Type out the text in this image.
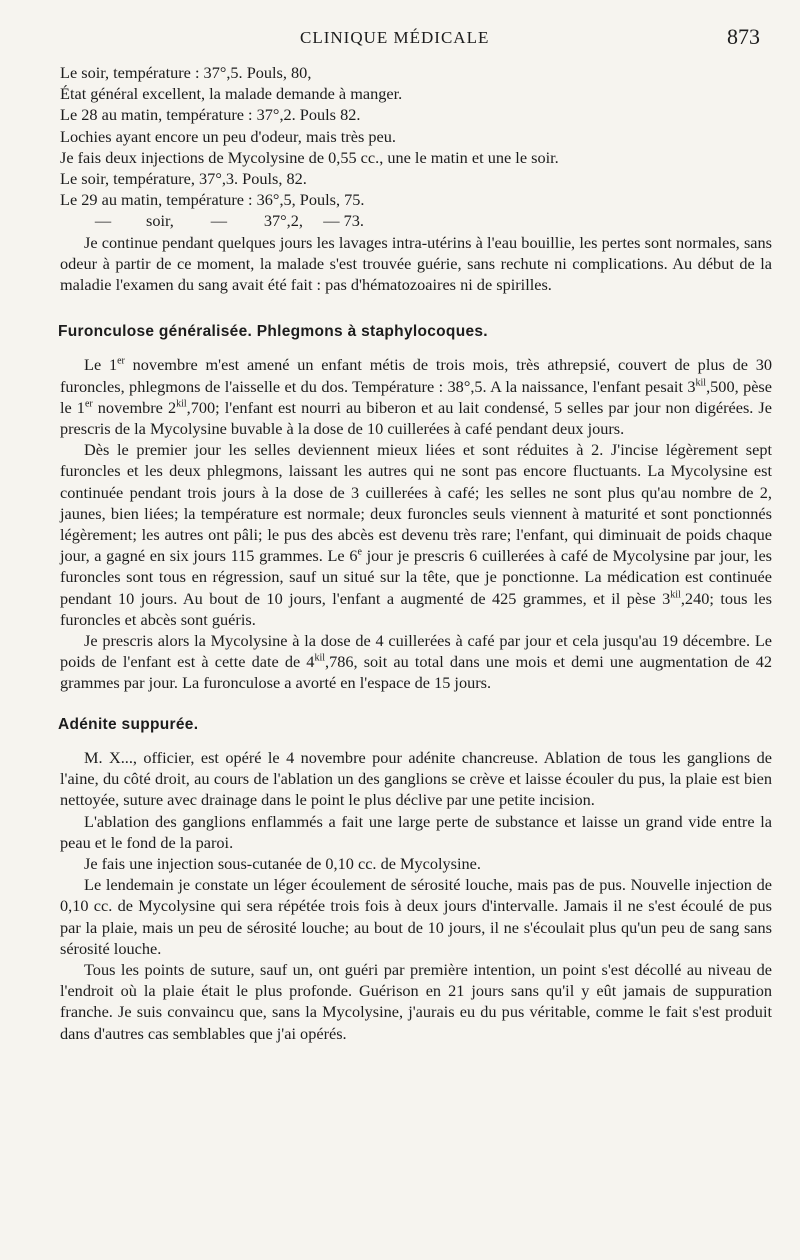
CLINIQUE MÉDICALE	873

Le soir, température : 37°,5. Pouls, 80,

État général excellent, la malade demande à manger.

Le 28 au matin, température : 37°,2. Pouls 82.

Lochies ayant encore un peu d'odeur, mais très peu.

Je fais deux injections de Mycolysine de 0,55 cc., une le matin et une le soir.

Le soir, température, 37°,3. Pouls, 82.

Le 29 au matin, température : 36°,5, Pouls, 75.

— soir, — 37°,2, — 73.

Je continue pendant quelques jours les lavages intra-utérins à l'eau bouillie, les pertes sont normales, sans odeur à partir de ce moment, la malade s'est trouvée guérie, sans rechute ni complications. Au début de la maladie l'examen du sang avait été fait : pas d'hématozoaires ni de spirilles.

Furonculose généralisée. Phlegmons à staphylocoques.

Le 1er novembre m'est amené un enfant métis de trois mois, très athrepsié, couvert de plus de 30 furoncles, phlegmons de l'aisselle et du dos. Température : 38°,5. A la naissance, l'enfant pesait $3^{kil},500$, pèse le 1er novembre $2^{kil},700$; l'enfant est nourri au biberon et au lait condensé, 5 selles par jour non digérées. Je prescris de la Mycolysine buvable à la dose de 10 cuillerées à café pendant deux jours.

Dès le premier jour les selles deviennent mieux liées et sont réduites à 2. J'incise légèrement sept furoncles et les deux phlegmons, laissant les autres qui ne sont pas encore fluctuants. La Mycolysine est continuée pendant trois jours à la dose de 3 cuillerées à café; les selles ne sont plus qu'au nombre de 2, jaunes, bien liées; la température est normale; deux furoncles seuls viennent à maturité et sont ponctionnés légèrement; les autres ont pâli; le pus des abcès est devenu très rare; l'enfant, qui diminuait de poids chaque jour, a gagné en six jours 115 grammes. Le 6e jour je prescris 6 cuillerées à café de Mycolysine par jour, les furoncles sont tous en régression, sauf un situé sur la tête, que je ponctionne. La médication est continuée pendant 10 jours. Au bout de 10 jours, l'enfant a augmenté de 425 grammes, et il pèse $3^{kil},240$; tous les furoncles et abcès sont guéris.

Je prescris alors la Mycolysine à la dose de 4 cuillerées à café par jour et cela jusqu'au 19 décembre. Le poids de l'enfant est à cette date de $4^{kil},786$, soit au total dans une mois et demi une augmentation de 42 grammes par jour. La furonculose a avorté en l'espace de 15 jours.

Adénite suppurée.

M. X..., officier, est opéré le 4 novembre pour adénite chancreuse. Ablation de tous les ganglions de l'aine, du côté droit, au cours de l'ablation un des ganglions se crève et laisse écouler du pus, la plaie est bien nettoyée, suture avec drainage dans le point le plus déclive par une petite incision.

L'ablation des ganglions enflammés a fait une large perte de substance et laisse un grand vide entre la peau et le fond de la paroi.

Je fais une injection sous-cutanée de 0,10 cc. de Mycolysine.

Le lendemain je constate un léger écoulement de sérosité louche, mais pas de pus. Nouvelle injection de 0,10 cc. de Mycolysine qui sera répétée trois fois à deux jours d'intervalle. Jamais il ne s'est écoulé de pus par la plaie, mais un peu de sérosité louche; au bout de 10 jours, il ne s'écoulait plus qu'un peu de sang sans sérosité louche.

Tous les points de suture, sauf un, ont guéri par première intention, un point s'est décollé au niveau de l'endroit où la plaie était le plus profonde. Guérison en 21 jours sans qu'il y eût jamais de suppuration franche. Je suis convaincu que, sans la Mycolysine, j'aurais eu du pus véritable, comme le fait s'est produit dans d'autres cas semblables que j'ai opérés.
